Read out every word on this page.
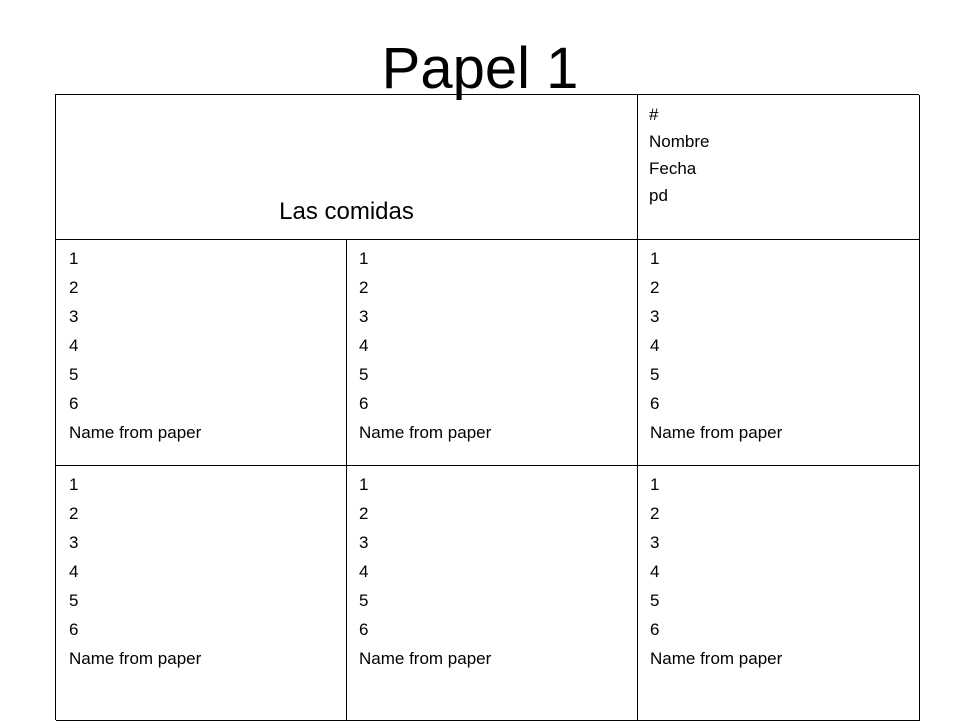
Papel 1
Las comidas
#
Nombre
Fecha
pd
1
2
3
4
5
6
Name from paper
1
2
3
4
5
6
Name from paper
1
2
3
4
5
6
Name from paper
1
2
3
4
5
6
Name from paper
1
2
3
4
5
6
Name from paper
1
2
3
4
5
6
Name from paper
